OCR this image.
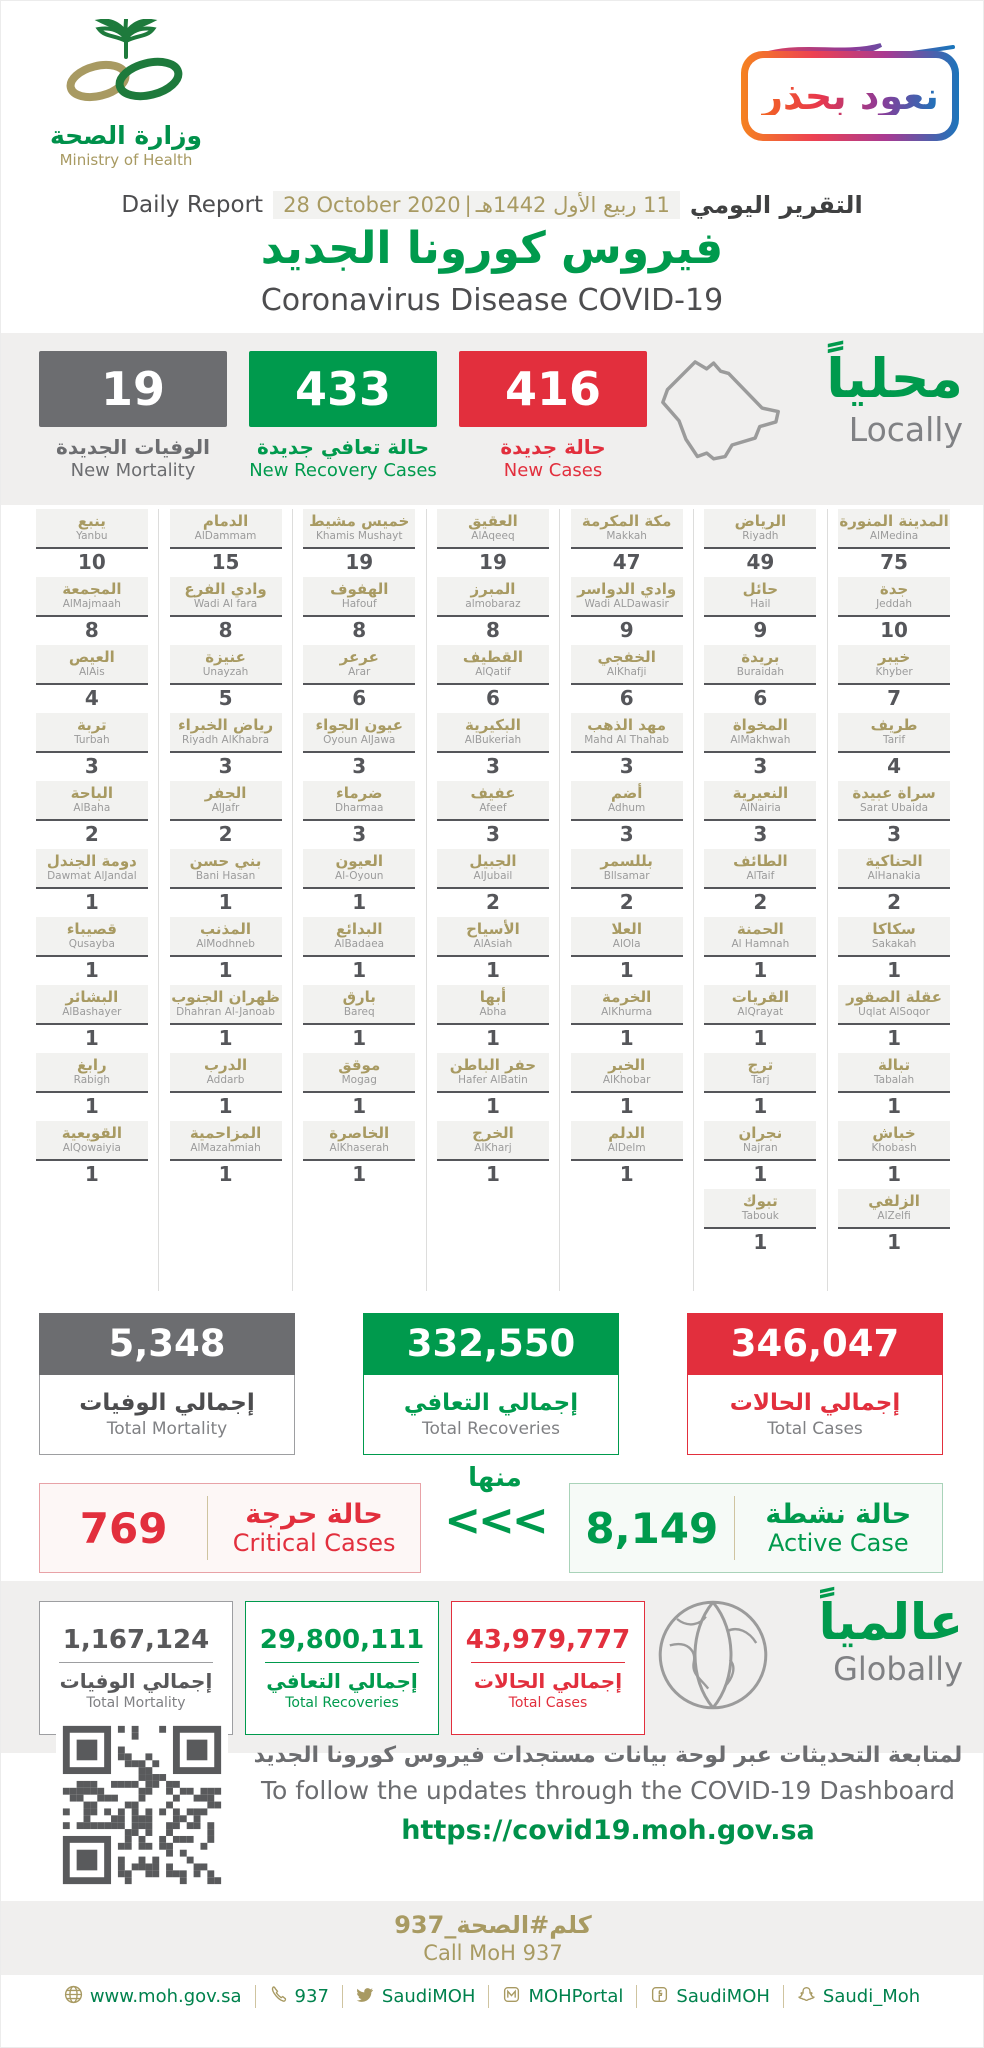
وزارة الصحة
Ministry of Health
نعود بحذر
Daily Report 28 October 2020 | 11 ربيع الأول 1442هـ التقرير اليومي
فيروس كورونا الجديد
Coronavirus Disease COVID-19
19
الوفيات الجديدة
New Mortality
433
حالة تعافي جديدة
New Recovery Cases
416
حالة جديدة
New Cases
محلياً
Locally
ينبع
Yanbu
10
المجمعة
AlMajmaah
8
العيص
AlAis
4
تربة
Turbah
3
الباحة
AlBaha
2
دومة الجندل
Dawmat AlJandal
1
قصيباء
Qusayba
1
البشائر
AlBashayer
1
رابغ
Rabigh
1
القويعية
AlQowaiyia
1
الدمام
AlDammam
15
وادي الفرع
Wadi Al fara
8
عنيزة
Unayzah
5
رياض الخبراء
Riyadh AlKhabra
3
الجفر
AlJafr
2
بني حسن
Bani Hasan
1
المذنب
AlModhneb
1
ظهران الجنوب
Dhahran Al-Janoab
1
الدرب
Addarb
1
المزاحمية
AlMazahmiah
1
خميس مشيط
Khamis Mushayt
19
الهفوف
Hafouf
8
عرعر
Arar
6
عيون الجواء
Oyoun AlJawa
3
ضرماء
Dharmaa
3
العيون
Al-Oyoun
1
البدائع
AlBadaea
1
بارق
Bareq
1
موقق
Mogag
1
الخاصرة
AlKhaserah
1
العقيق
AlAqeeq
19
المبرز
almobaraz
8
القطيف
AlQatif
6
البكيرية
AlBukeriah
3
عفيف
Afeef
3
الجبيل
AlJubail
2
الأسياح
AlAsiah
1
أبها
Abha
1
حفر الباطن
Hafer AlBatin
1
الخرج
AlKharj
1
مكة المكرمة
Makkah
47
وادي الدواسر
Wadi ALDawasir
9
الخفجي
AlKhafji
6
مهد الذهب
Mahd Al Thahab
3
أضم
Adhum
3
بللسمر
Bllsamar
2
العلا
AlOla
1
الخرمة
AlKhurma
1
الخبر
AlKhobar
1
الدلم
AlDelm
1
الرياض
Riyadh
49
حائل
Hail
9
بريدة
Buraidah
6
المخواة
AlMakhwah
3
النعيرية
AlNairia
3
الطائف
AlTaif
2
الحمنة
Al Hamnah
1
القريات
AlQrayat
1
ترج
Tarj
1
نجران
Najran
1
تبوك
Tabouk
1
المدينة المنورة
AlMedina
75
جدة
Jeddah
10
خيبر
Khyber
7
طريف
Tarif
4
سراة عبيدة
Sarat Ubaida
3
الحناكية
AlHanakia
2
سكاكا
Sakakah
1
عقلة الصقور
Uqlat AlSoqor
1
تبالة
Tabalah
1
خباش
Khobash
1
الزلفي
AlZelfi
1
5,348
إجمالي الوفيات
Total Mortality
332,550
إجمالي التعافي
Total Recoveries
346,047
إجمالي الحالات
Total Cases
769	حالة حرجة
Critical Cases
منها
<<< 8,149	حالة نشطة
Active Case
1,167,124
إجمالي الوفيات
Total Mortality
29,800,111
إجمالي التعافي
Total Recoveries
43,979,777
إجمالي الحالات
Total Cases
عالمياً
Globally
لمتابعة التحديثات عبر لوحة بيانات مستجدات فيروس كورونا الجديد
To follow the updates through the COVID-19 Dashboard
https://covid19.moh.gov.sa
كلم#الصحة_937
Call MoH 937
www.moh.gov.sa	937	SaudiMOH	MOHPortal	SaudiMOH	Saudi_Moh
